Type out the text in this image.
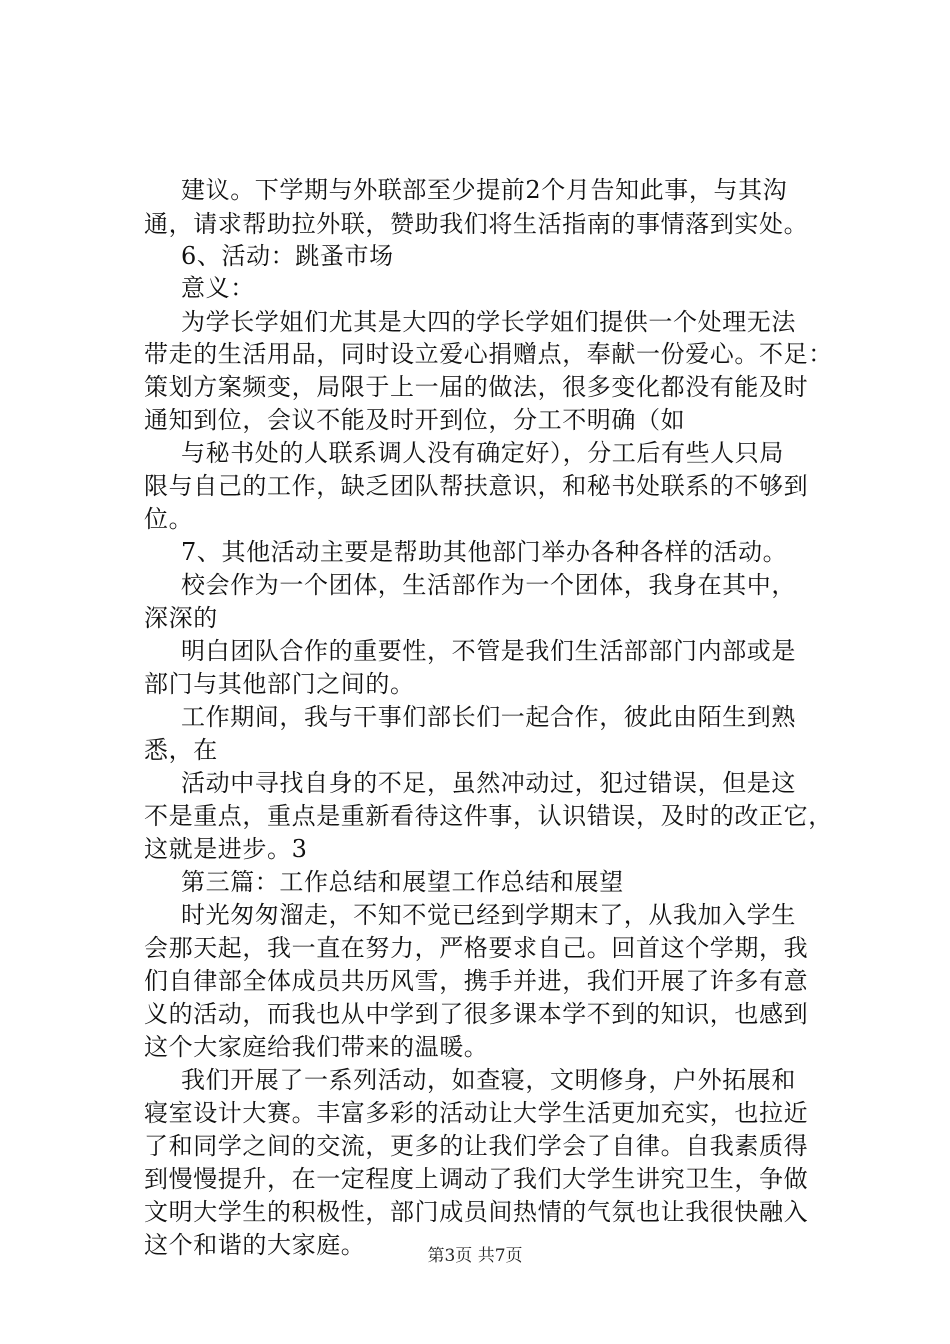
建议。下学期与外联部至少提前2个月告知此事，与其沟
通，请求帮助拉外联，赞助我们将生活指南的事情落到实处。
6、活动：跳蚤市场
意义：
为学长学姐们尤其是大四的学长学姐们提供一个处理无法
带走的生活用品，同时设立爱心捐赠点，奉献一份爱心。不足：
策划方案频变，局限于上一届的做法，很多变化都没有能及时
通知到位，会议不能及时开到位，分工不明确（如
与秘书处的人联系调人没有确定好），分工后有些人只局
限与自己的工作，缺乏团队帮扶意识，和秘书处联系的不够到
位。
7、其他活动主要是帮助其他部门举办各种各样的活动。
校会作为一个团体，生活部作为一个团体，我身在其中，
深深的
明白团队合作的重要性，不管是我们生活部部门内部或是
部门与其他部门之间的。
工作期间，我与干事们部长们一起合作，彼此由陌生到熟
悉，在
活动中寻找自身的不足，虽然冲动过，犯过错误，但是这
不是重点，重点是重新看待这件事，认识错误，及时的改正它，
这就是进步。3
第三篇：工作总结和展望工作总结和展望
时光匆匆溜走，不知不觉已经到学期末了，从我加入学生
会那天起，我一直在努力，严格要求自己。回首这个学期，我
们自律部全体成员共历风雪，携手并进，我们开展了许多有意
义的活动，而我也从中学到了很多课本学不到的知识，也感到
这个大家庭给我们带来的温暖。
我们开展了一系列活动，如查寝，文明修身，户外拓展和
寝室设计大赛。丰富多彩的活动让大学生活更加充实，也拉近
了和同学之间的交流，更多的让我们学会了自律。自我素质得
到慢慢提升，在一定程度上调动了我们大学生讲究卫生，争做
文明大学生的积极性，部门成员间热情的气氛也让我很快融入
这个和谐的大家庭。	第3页 共7页
